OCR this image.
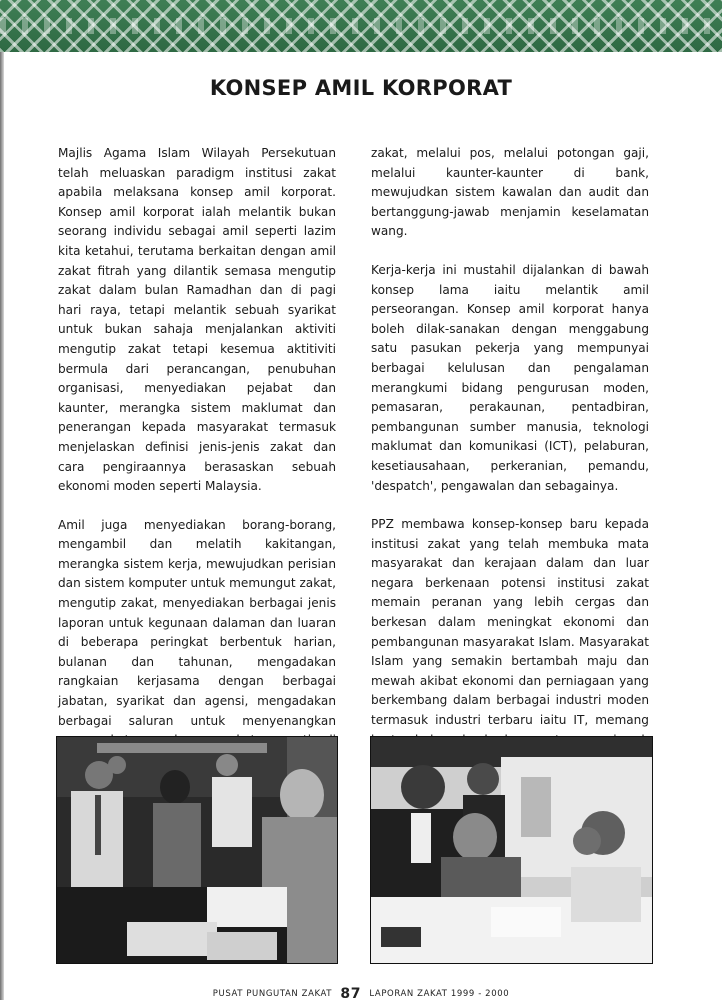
KONSEP AMIL KORPORAT

Majlis Agama Islam Wilayah Persekutuan telah meluaskan paradigm institusi zakat apabila melaksana konsep amil korporat. Konsep amil korporat ialah melantik bukan seorang individu sebagai amil seperti lazim kita ketahui, terutama berkaitan dengan amil zakat fitrah yang dilantik semasa mengutip zakat dalam bulan Ramadhan dan di pagi hari raya, tetapi melantik sebuah syarikat untuk bukan sahaja menjalankan aktiviti mengutip zakat tetapi kesemua aktitiviti bermula dari perancangan, penubuhan organisasi, menyediakan pejabat dan kaunter, merangka sistem maklumat dan penerangan kepada masyarakat termasuk menjelaskan definisi jenis-jenis zakat dan cara pengiraannya berasaskan sebuah ekonomi moden seperti Malaysia.

Amil juga menyediakan borang-borang, mengambil dan melatih kakitangan, merangka sistem kerja, mewujudkan perisian dan sistem komputer untuk memungut zakat, mengutip zakat, menyediakan berbagai jenis laporan untuk kegunaan dalaman dan luaran di beberapa peringkat berbentuk harian, bulanan dan tahunan, mengadakan rangkaian kerjasama dengan berbagai jabatan, syarikat dan agensi, mengadakan berbagai saluran untuk menyenangkan

zakat, melalui pos, melalui potongan gaji, melalui kaunter-kaunter di bank, mewujudkan sistem kawalan dan audit dan bertanggung-jawab menjamin keselamatan wang.

Kerja-kerja ini mustahil dijalankan di bawah konsep lama iaitu melantik amil perseorangan. Konsep amil korporat hanya boleh dilak-sanakan dengan menggabung satu pasukan pekerja yang mempunyai berbagai kelulusan dan pengalaman merangkumi bidang pengurusan moden, pemasaran, perakaunan, pentadbiran, pembangunan sumber manusia, teknologi maklumat dan komunikasi (ICT), pelaburan, kesetiausahaan, perkeranian, pemandu, 'despatch', pengawalan dan sebagainya.

PPZ membawa konsep-konsep baru kepada institusi zakat yang telah membuka mata masyarakat dan kerajaan dalam dan luar negara berkenaan potensi institusi zakat memain peranan yang lebih cergas dan berkesan dalam meningkat ekonomi dan pembangunan masyarakat Islam. Masyarakat Islam yang semakin bertambah maju dan mewah akibat ekonomi dan perniagaan yang berkembang dalam berbagai industri moden termasuk industri terbaru iaitu IT, memang

PUSAT PUNGUTAN ZAKAT 87 LAPORAN ZAKAT 1999 - 2000
